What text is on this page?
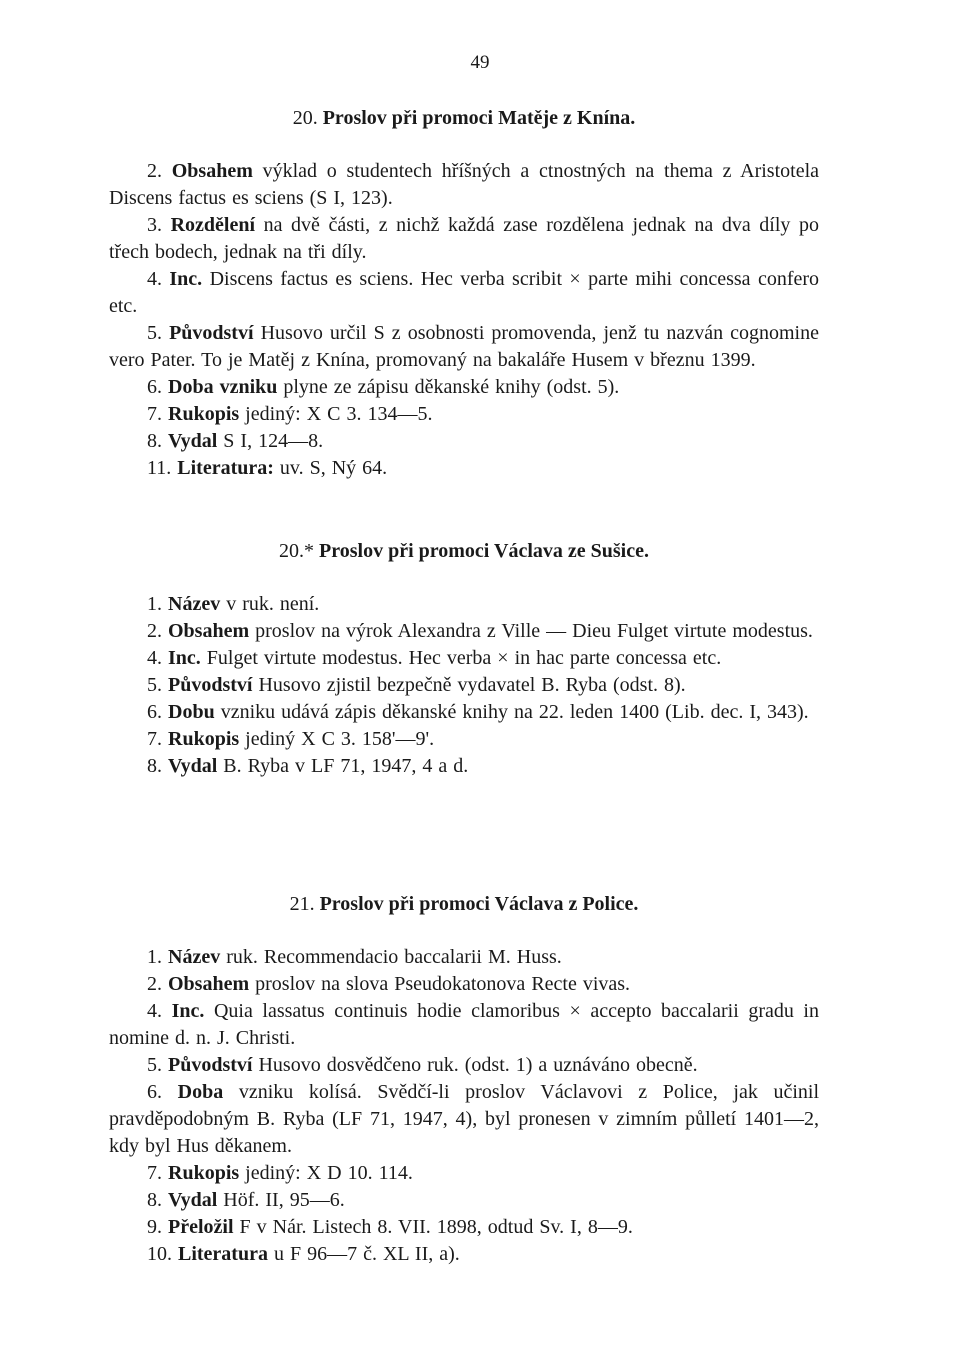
49
20. Proslov při promoci Matěje z Knína.

2. Obsahem výklad o studentech hříšných a ctnostných na thema z Aristotela Discens factus es sciens (S I, 123).

3. Rozdělení na dvě části, z nichž každá zase rozdělena jednak na dva díly po třech bodech, jednak na tři díly.

4. Inc. Discens factus es sciens. Hec verba scribit × parte mihi concessa confero etc.

5. Původství Husovo určil S z osobnosti promovenda, jenž tu nazván cognomine vero Pater. To je Matěj z Knína, promovaný na bakaláře Husem v březnu 1399.

6. Doba vzniku plyne ze zápisu děkanské knihy (odst. 5).

7. Rukopis jediný: X C 3. 134—5.

8. Vydal S I, 124—8.

11. Literatura: uv. S, Ný 64.

20.* Proslov při promoci Václava ze Sušice.

1. Název v ruk. není.

2. Obsahem proslov na výrok Alexandra z Ville — Dieu Fulget virtute modestus.

4. Inc. Fulget virtute modestus. Hec verba × in hac parte concessa etc.

5. Původství Husovo zjistil bezpečně vydavatel B. Ryba (odst. 8).

6. Dobu vzniku udává zápis děkanské knihy na 22. leden 1400 (Lib. dec. I, 343).

7. Rukopis jediný X C 3. 158'—9'.

8. Vydal B. Ryba v LF 71, 1947, 4 a d.

21. Proslov při promoci Václava z Police.

1. Název ruk. Recommendacio baccalarii M. Huss.

2. Obsahem proslov na slova Pseudokatonova Recte vivas.

4. Inc. Quia lassatus continuis hodie clamoribus × accepto baccalarii gradu in nomine d. n. J. Christi.

5. Původství Husovo dosvědčeno ruk. (odst. 1) a uznáváno obecně.

6. Doba vzniku kolísá. Svědčí-li proslov Václavovi z Police, jak učinil pravděpodobným B. Ryba (LF 71, 1947, 4), byl pronesen v zimním půlletí 1401—2, kdy byl Hus děkanem.

7. Rukopis jediný: X D 10. 114.

8. Vydal Höf. II, 95—6.

9. Přeložil F v Nár. Listech 8. VII. 1898, odtud Sv. I, 8—9.

10. Literatura u F 96—7 č. XL II, a).
